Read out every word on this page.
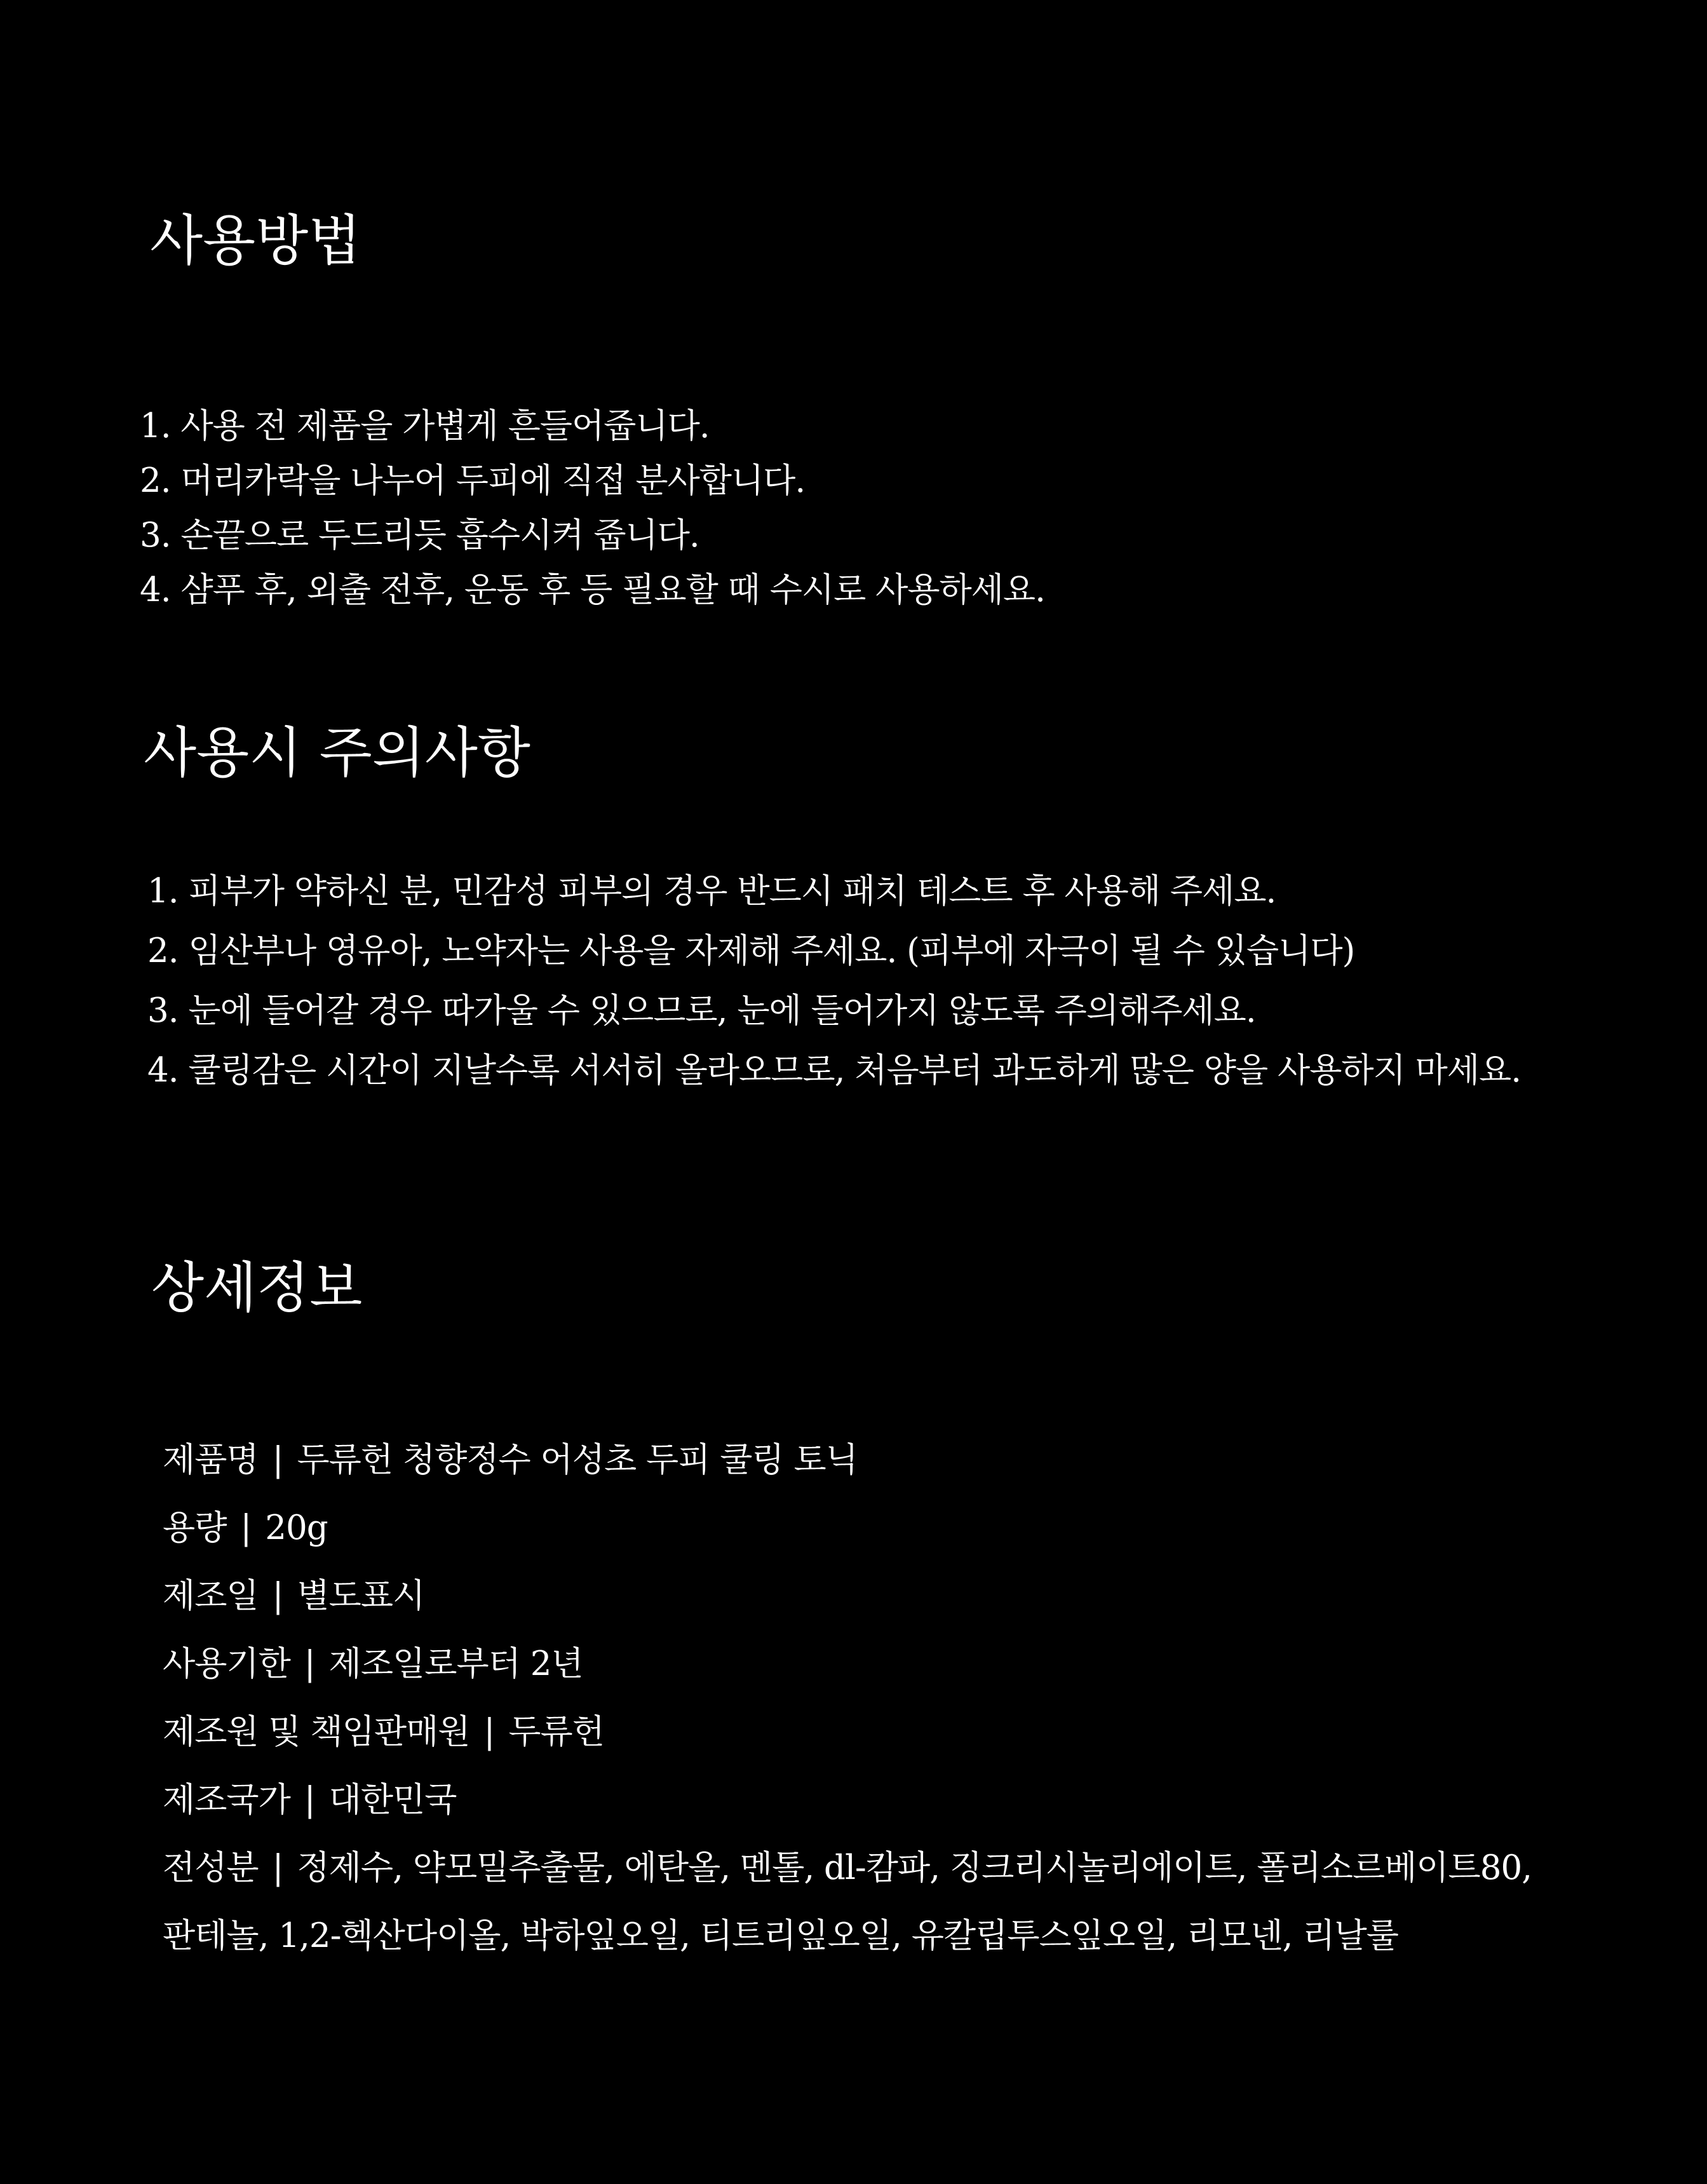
사용방법
1. 사용 전 제품을 가볍게 흔들어줍니다.
2. 머리카락을 나누어 두피에 직접 분사합니다.
3. 손끝으로 두드리듯 흡수시켜 줍니다.
4. 샴푸 후, 외출 전후, 운동 후 등 필요할 때 수시로 사용하세요.
사용시 주의사항
1. 피부가 약하신 분, 민감성 피부의 경우 반드시 패치 테스트 후 사용해 주세요.
2. 임산부나 영유아, 노약자는 사용을 자제해 주세요. (피부에 자극이 될 수 있습니다)
3. 눈에 들어갈 경우 따가울 수 있으므로, 눈에 들어가지 않도록 주의해주세요.
4. 쿨링감은 시간이 지날수록 서서히 올라오므로, 처음부터 과도하게 많은 양을 사용하지 마세요.
상세정보
제품명 | 두류헌 청향정수 어성초 두피 쿨링 토닉
용량 | 20g
제조일 | 별도표시
사용기한 | 제조일로부터 2년
제조원 및 책임판매원 | 두류헌
제조국가 | 대한민국
전성분 | 정제수, 약모밀추출물, 에탄올, 멘톨, dl-캄파, 징크리시놀리에이트, 폴리소르베이트80,
판테놀, 1,2-헥산다이올, 박하잎오일, 티트리잎오일, 유칼립투스잎오일, 리모넨, 리날룰
